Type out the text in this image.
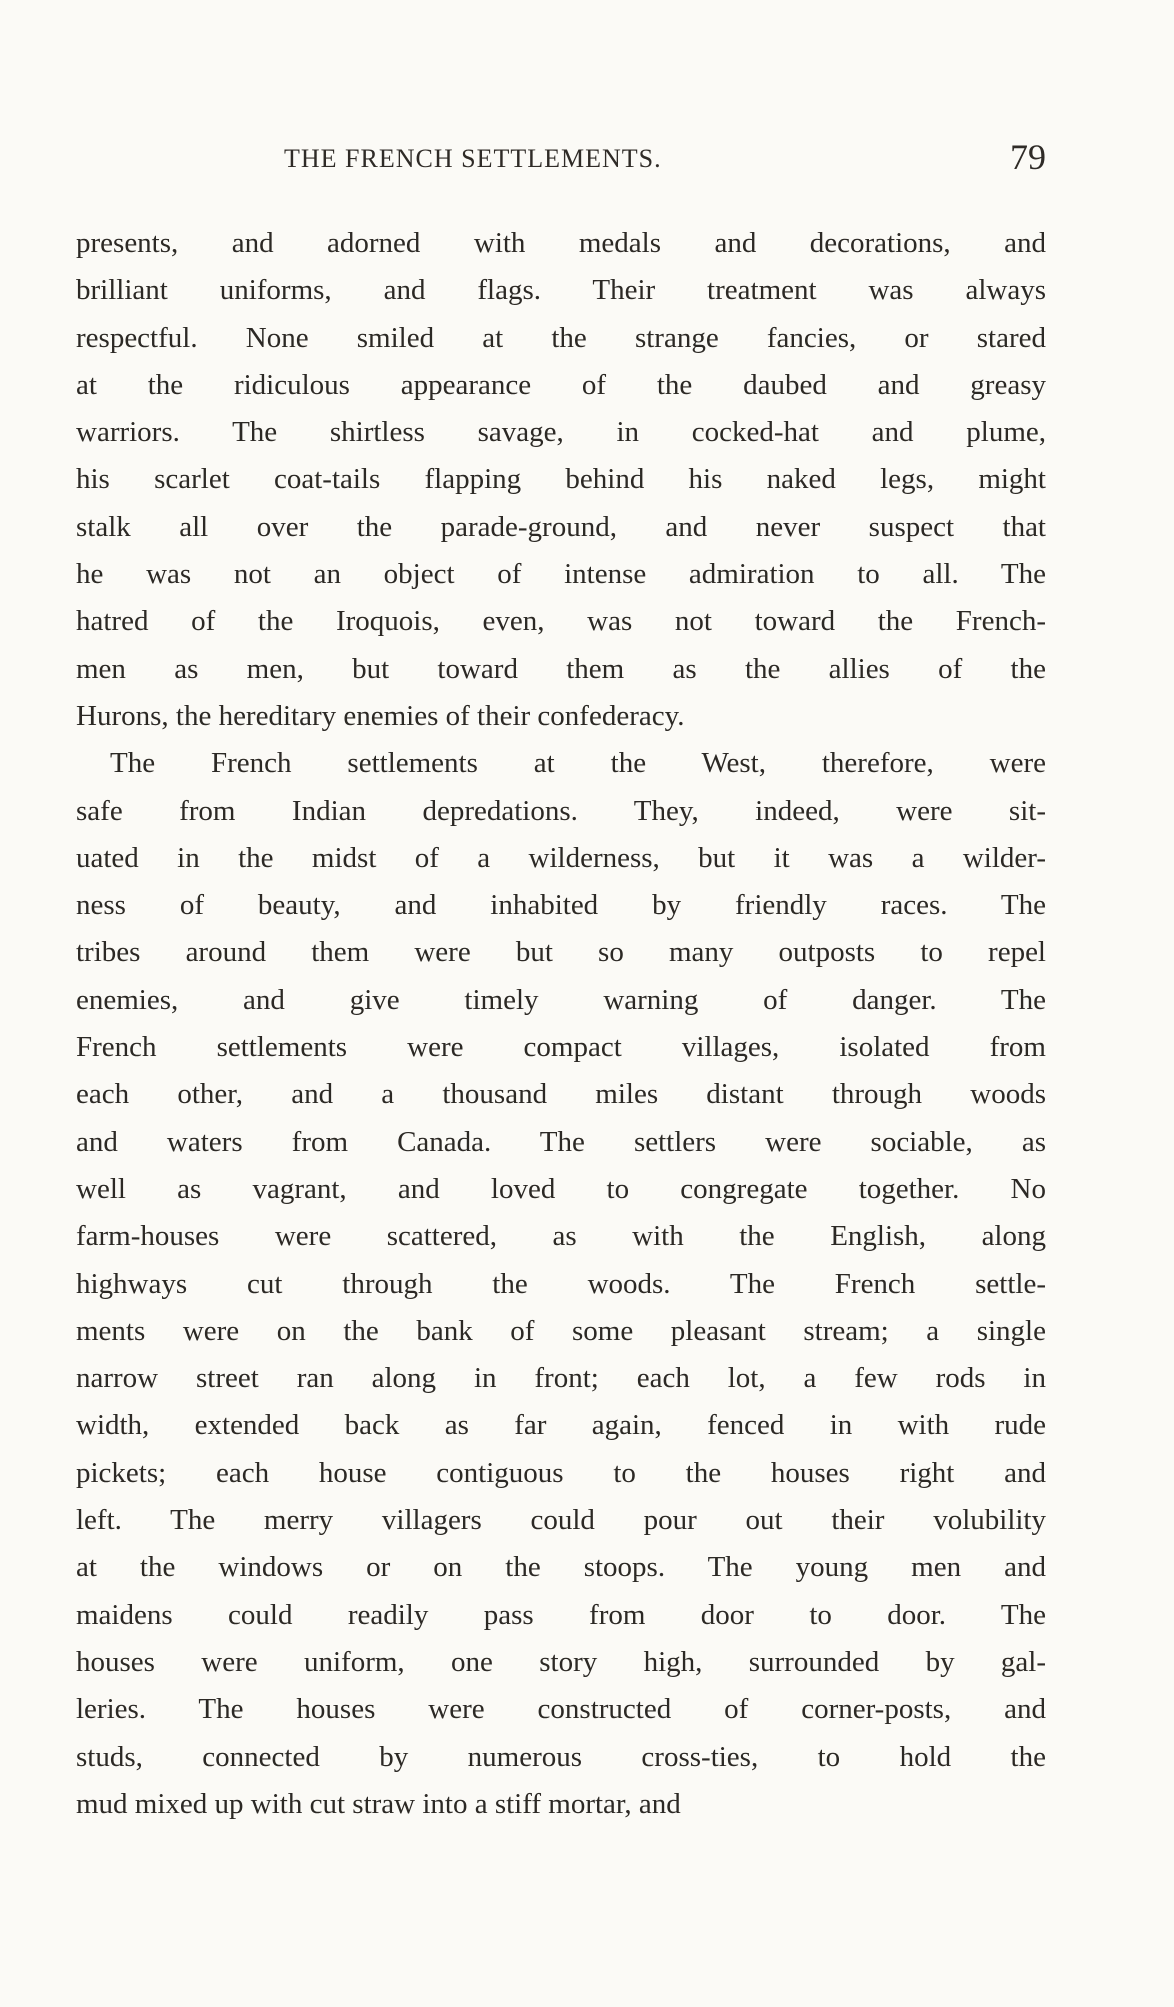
THE FRENCH SETTLEMENTS.	79
presents, and adorned with medals and decorations, and
brilliant uniforms, and flags. Their treatment was always
respectful. None smiled at the strange fancies, or stared
at the ridiculous appearance of the daubed and greasy
warriors. The shirtless savage, in cocked-hat and plume,
his scarlet coat-tails flapping behind his naked legs, might
stalk all over the parade-ground, and never suspect that
he was not an object of intense admiration to all. The
hatred of the Iroquois, even, was not toward the French-
men as men, but toward them as the allies of the
Hurons, the hereditary enemies of their confederacy.
The French settlements at the West, therefore, were
safe from Indian depredations. They, indeed, were sit-
uated in the midst of a wilderness, but it was a wilder-
ness of beauty, and inhabited by friendly races. The
tribes around them were but so many outposts to repel
enemies, and give timely warning of danger. The
French settlements were compact villages, isolated from
each other, and a thousand miles distant through woods
and waters from Canada. The settlers were sociable, as
well as vagrant, and loved to congregate together. No
farm-houses were scattered, as with the English, along
highways cut through the woods. The French settle-
ments were on the bank of some pleasant stream; a single
narrow street ran along in front; each lot, a few rods in
width, extended back as far again, fenced in with rude
pickets; each house contiguous to the houses right and
left. The merry villagers could pour out their volubility
at the windows or on the stoops. The young men and
maidens could readily pass from door to door. The
houses were uniform, one story high, surrounded by gal-
leries. The houses were constructed of corner-posts, and
studs, connected by numerous cross-ties, to hold the
mud mixed up with cut straw into a stiff mortar, and
